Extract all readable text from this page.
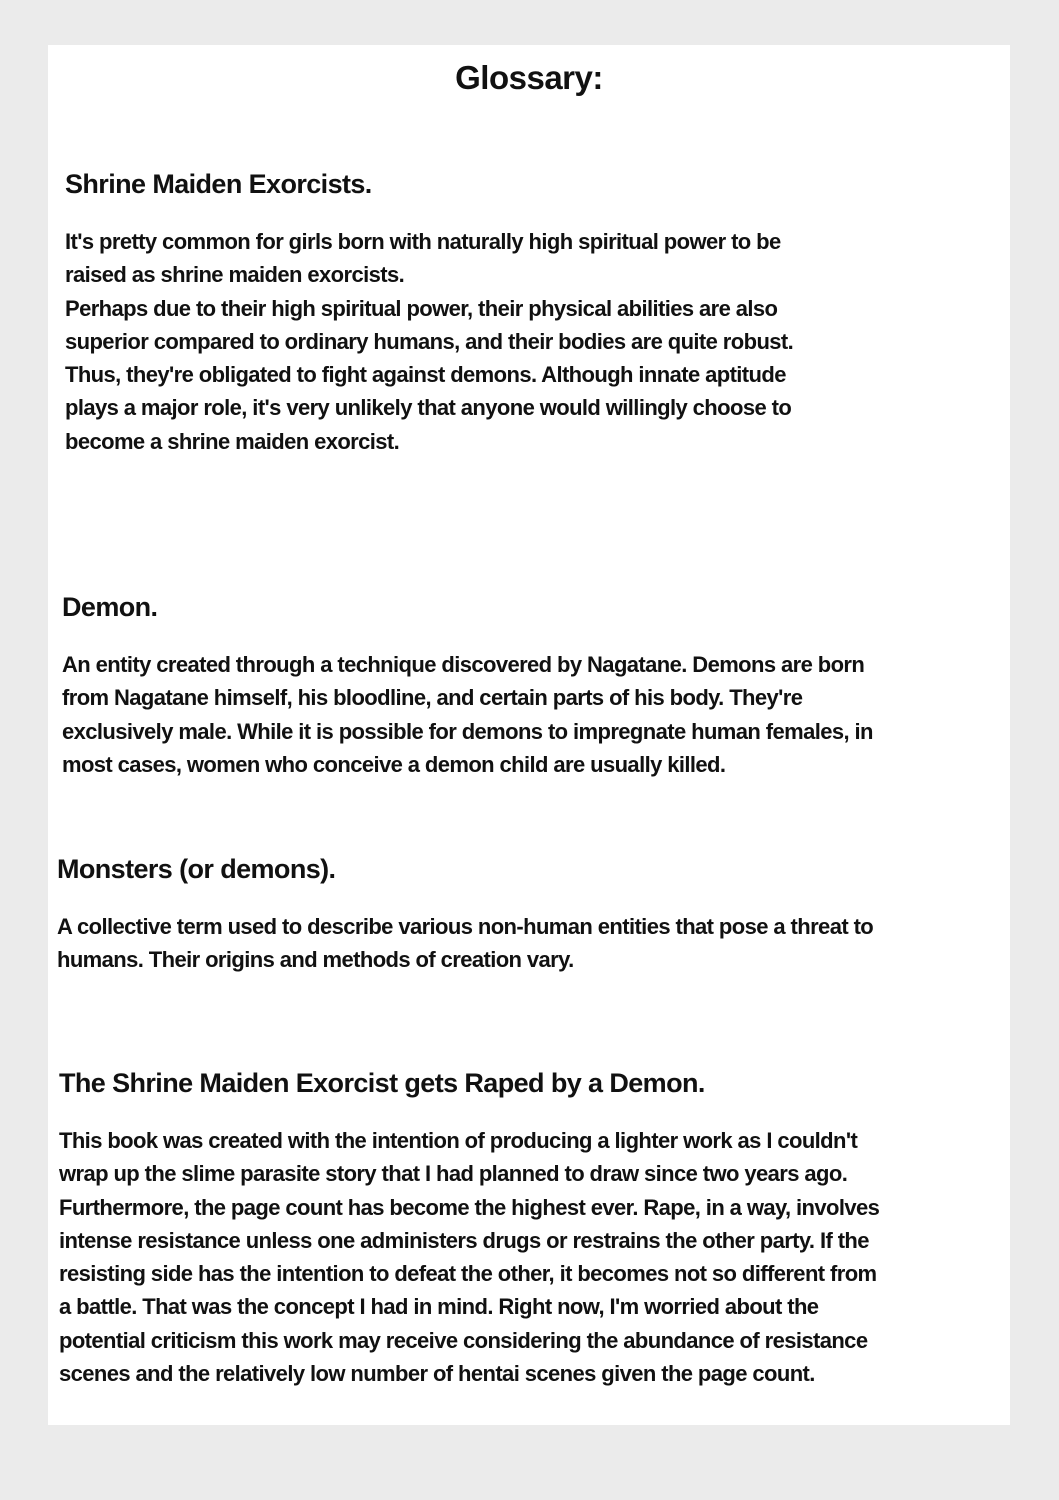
Glossary:
Shrine Maiden Exorcists.
It's pretty common for girls born with naturally high spiritual power to be
raised as shrine maiden exorcists.
Perhaps due to their high spiritual power, their physical abilities are also
superior compared to ordinary humans, and their bodies are quite robust.
Thus, they're obligated to fight against demons. Although innate aptitude
plays a major role, it's very unlikely that anyone would willingly choose to
become a shrine maiden exorcist.
Demon.
An entity created through a technique discovered by Nagatane. Demons are born
from Nagatane himself, his bloodline, and certain parts of his body. They're
exclusively male. While it is possible for demons to impregnate human females, in
most cases, women who conceive a demon child are usually killed.
Monsters (or demons).
A collective term used to describe various non-human entities that pose a threat to
humans. Their origins and methods of creation vary.
The Shrine Maiden Exorcist gets Raped by a Demon.
This book was created with the intention of producing a lighter work as I couldn't
wrap up the slime parasite story that I had planned to draw since two years ago.
Furthermore, the page count has become the highest ever. Rape, in a way, involves
intense resistance unless one administers drugs or restrains the other party. If the
resisting side has the intention to defeat the other, it becomes not so different from
a battle. That was the concept I had in mind. Right now, I'm worried about the
potential criticism this work may receive considering the abundance of resistance
scenes and the relatively low number of hentai scenes given the page count.
